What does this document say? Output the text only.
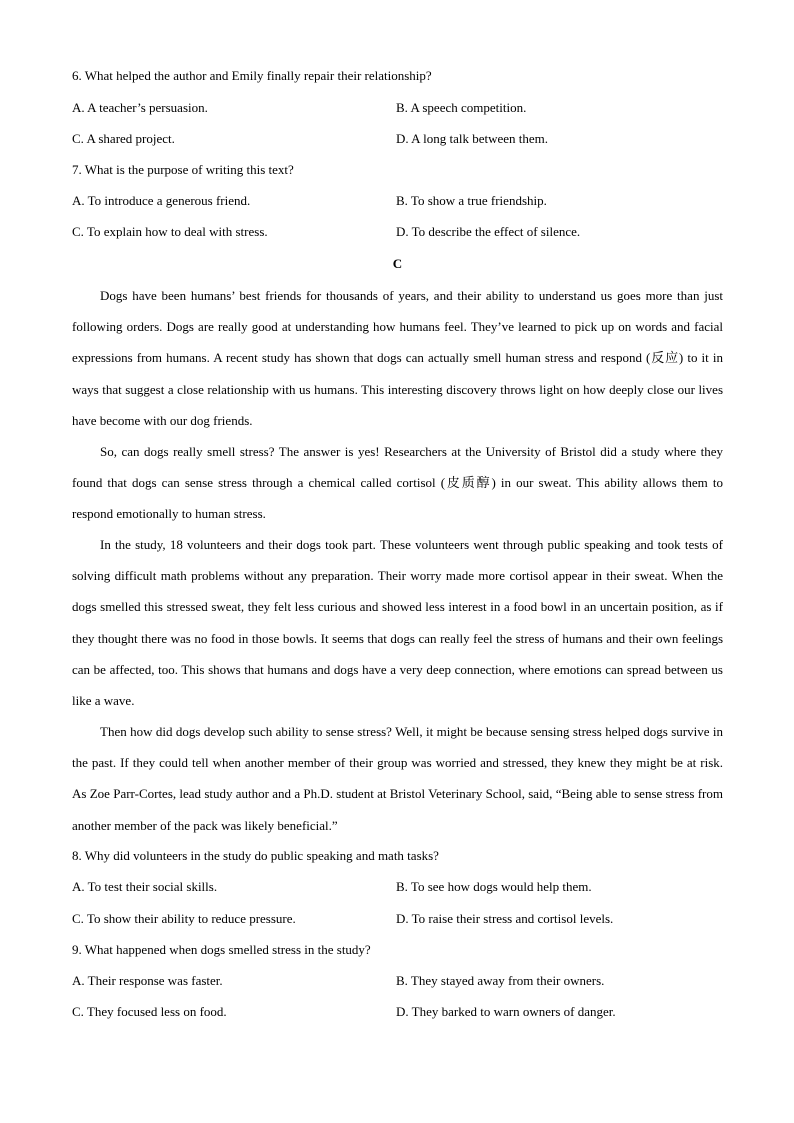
6. What helped the author and Emily finally repair their relationship?
A. A teacher’s persuasion.	B. A speech competition.
C. A shared project.	D. A long talk between them.
7. What is the purpose of writing this text?
A. To introduce a generous friend.	B. To show a true friendship.
C. To explain how to deal with stress.	D. To describe the effect of silence.
C
Dogs have been humans’ best friends for thousands of years, and their ability to understand us goes more than just following orders. Dogs are really good at understanding how humans feel. They’ve learned to pick up on words and facial expressions from humans. A recent study has shown that dogs can actually smell human stress and respond (反应) to it in ways that suggest a close relationship with us humans. This interesting discovery throws light on how deeply close our lives have become with our dog friends.
So, can dogs really smell stress? The answer is yes! Researchers at the University of Bristol did a study where they found that dogs can sense stress through a chemical called cortisol (皮质醇) in our sweat. This ability allows them to respond emotionally to human stress.
In the study, 18 volunteers and their dogs took part. These volunteers went through public speaking and took tests of solving difficult math problems without any preparation. Their worry made more cortisol appear in their sweat. When the dogs smelled this stressed sweat, they felt less curious and showed less interest in a food bowl in an uncertain position, as if they thought there was no food in those bowls. It seems that dogs can really feel the stress of humans and their own feelings can be affected, too. This shows that humans and dogs have a very deep connection, where emotions can spread between us like a wave.
Then how did dogs develop such ability to sense stress? Well, it might be because sensing stress helped dogs survive in the past. If they could tell when another member of their group was worried and stressed, they knew they might be at risk. As Zoe Parr-Cortes, lead study author and a Ph.D. student at Bristol Veterinary School, said, “Being able to sense stress from another member of the pack was likely beneficial.”
8. Why did volunteers in the study do public speaking and math tasks?
A. To test their social skills.	B. To see how dogs would help them.
C. To show their ability to reduce pressure.	D. To raise their stress and cortisol levels.
9. What happened when dogs smelled stress in the study?
A. Their response was faster.	B. They stayed away from their owners.
C. They focused less on food.	D. They barked to warn owners of danger.
